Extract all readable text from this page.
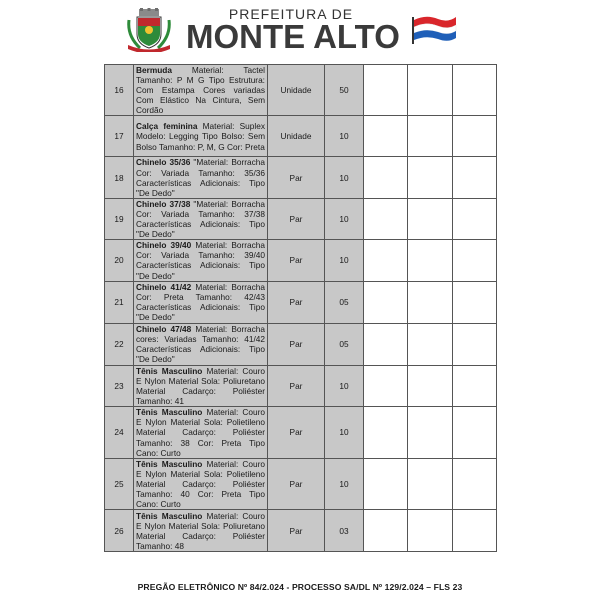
PREFEITURA DE
MONTE ALTO
16	Bermuda Material: Tactel Tamanho: P M G Tipo Estrutura: Com Estampa Cores variadas Com Elástico Na Cintura, Sem Cordão	Unidade	50			
17	Calça feminina Material: Suplex Modelo: Legging Tipo Bolso: Sem Bolso Tamanho: P, M, G Cor: Preta	Unidade	10			
18	Chinelo 35/36 "Material: Borracha Cor: Variada Tamanho: 35/36 Características Adicionais: Tipo "De Dedo"	Par	10			
19	Chinelo 37/38 "Material: Borracha Cor: Variada Tamanho: 37/38 Características Adicionais: Tipo "De Dedo"	Par	10			
20	Chinelo 39/40 Material: Borracha Cor: Variada Tamanho: 39/40 Características Adicionais: Tipo "De Dedo"	Par	10			
21	Chinelo 41/42 Material: Borracha Cor: Preta Tamanho: 42/43 Características Adicionais: Tipo "De Dedo"	Par	05			
22	Chinelo 47/48 Material: Borracha cores: Variadas Tamanho: 41/42 Características Adicionais: Tipo "De Dedo"	Par	05			
23	Tênis Masculino Material: Couro E Nylon Material Sola: Poliuretano Material Cadarço: Poliéster Tamanho: 41	Par	10			
24	Tênis Masculino Material: Couro E Nylon Material Sola: Polietileno Material Cadarço: Poliéster Tamanho: 38 Cor: Preta Tipo Cano: Curto	Par	10			
25	Tênis Masculino Material: Couro E Nylon Material Sola: Polietileno Material Cadarço: Poliéster Tamanho: 40 Cor: Preta Tipo Cano: Curto	Par	10			
26	Tênis Masculino Material: Couro E Nylon Material Sola: Poliuretano Material Cadarço: Poliéster Tamanho: 48	Par	03			
PREGÃO ELETRÔNICO Nº 84/2.024 - PROCESSO SA/DL Nº 129/2.024 – FLS 23
